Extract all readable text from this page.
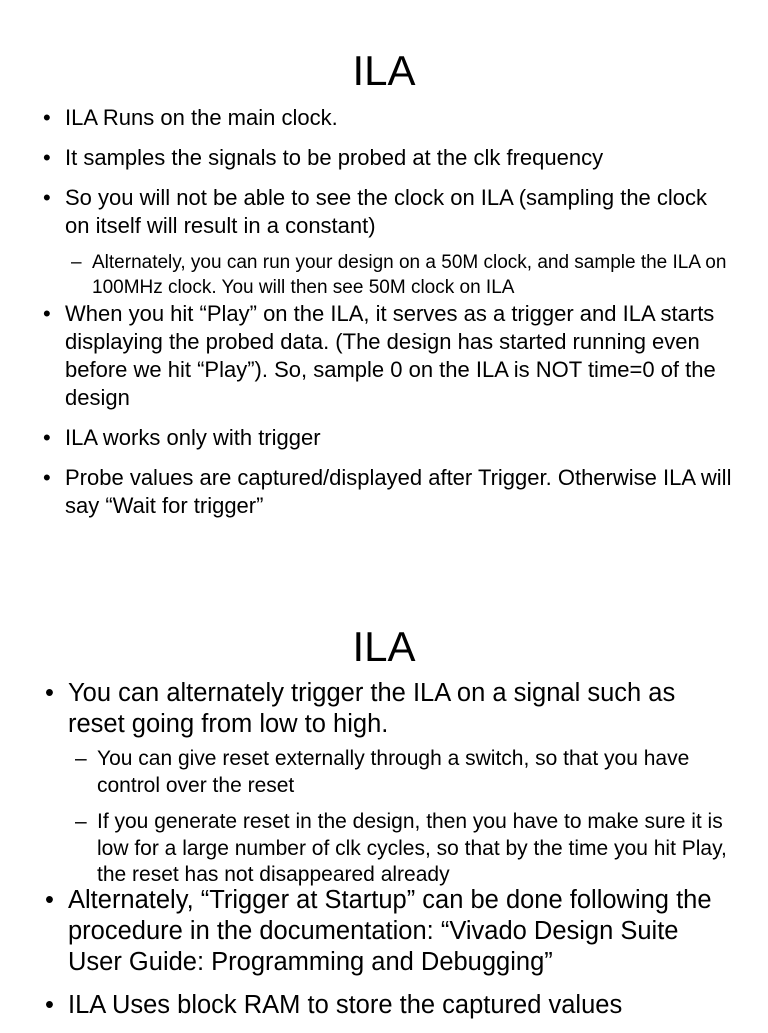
ILA
• ILA Runs on the main clock.
• It samples the signals to be probed at the clk frequency
• So you will not be able to see the clock on ILA (sampling the clock on itself will result in a constant)
– Alternately, you can run your design on a 50M clock, and sample the ILA on 100MHz clock. You will then see 50M clock on ILA
• When you hit “Play” on the ILA, it serves as a trigger and ILA starts displaying the probed data. (The design has started running even before we hit “Play”). So, sample 0 on the ILA is NOT time=0 of the design
• ILA works only with trigger
• Probe values are captured/displayed after Trigger. Otherwise ILA will say “Wait for trigger”
ILA
• You can alternately trigger the ILA on a signal such as reset going from low to high.
– You can give reset externally through a switch, so that you have control over the reset
– If you generate reset in the design, then you have to make sure it is low for a large number of clk cycles, so that by the time you hit Play, the reset has not disappeared already
• Alternately, “Trigger at Startup” can be done following the procedure in the documentation: “Vivado Design Suite User Guide: Programming and Debugging”
• ILA Uses block RAM to store the captured values
